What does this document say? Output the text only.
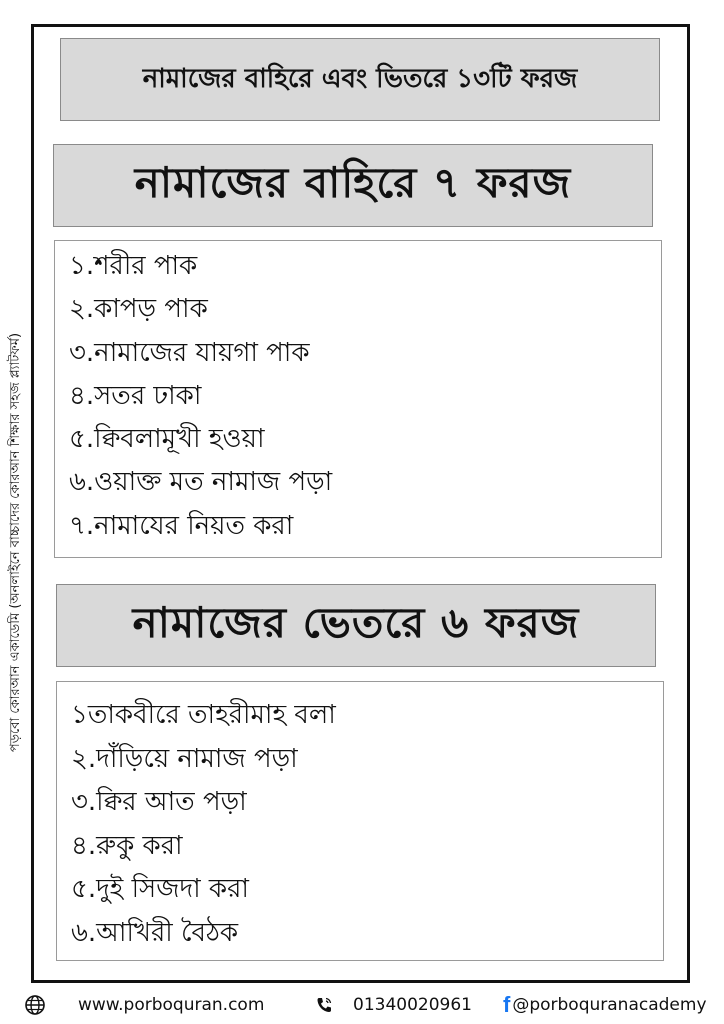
পড়বো কোরআন একাডেমি (অনলাইনে বাচ্চাদের কোরআন শিক্ষার সহজ প্ল্যাটফর্ম)
নামাজের বাহিরে এবং ভিতরে ১৩টি ফরজ
নামাজের বাহিরে ৭ ফরজ
১.শরীর পাক
২.কাপড় পাক
৩.নামাজের যায়গা পাক
৪.সতর ঢাকা
৫.ক্বিবলামূখী হওয়া
৬.ওয়াক্ত মত নামাজ পড়া
৭.নামাযের নিয়ত করা
নামাজের ভেতরে ৬ ফরজ
১তাকবীরে তাহরীমাহ বলা
২.দাঁড়িয়ে নামাজ পড়া
৩.ক্বির আত পড়া
৪.রুকু করা
৫.দুই সিজদা করা
৬.আখিরী বৈঠক
www.porboquran.com	01340020961 f @porboquranacademy
